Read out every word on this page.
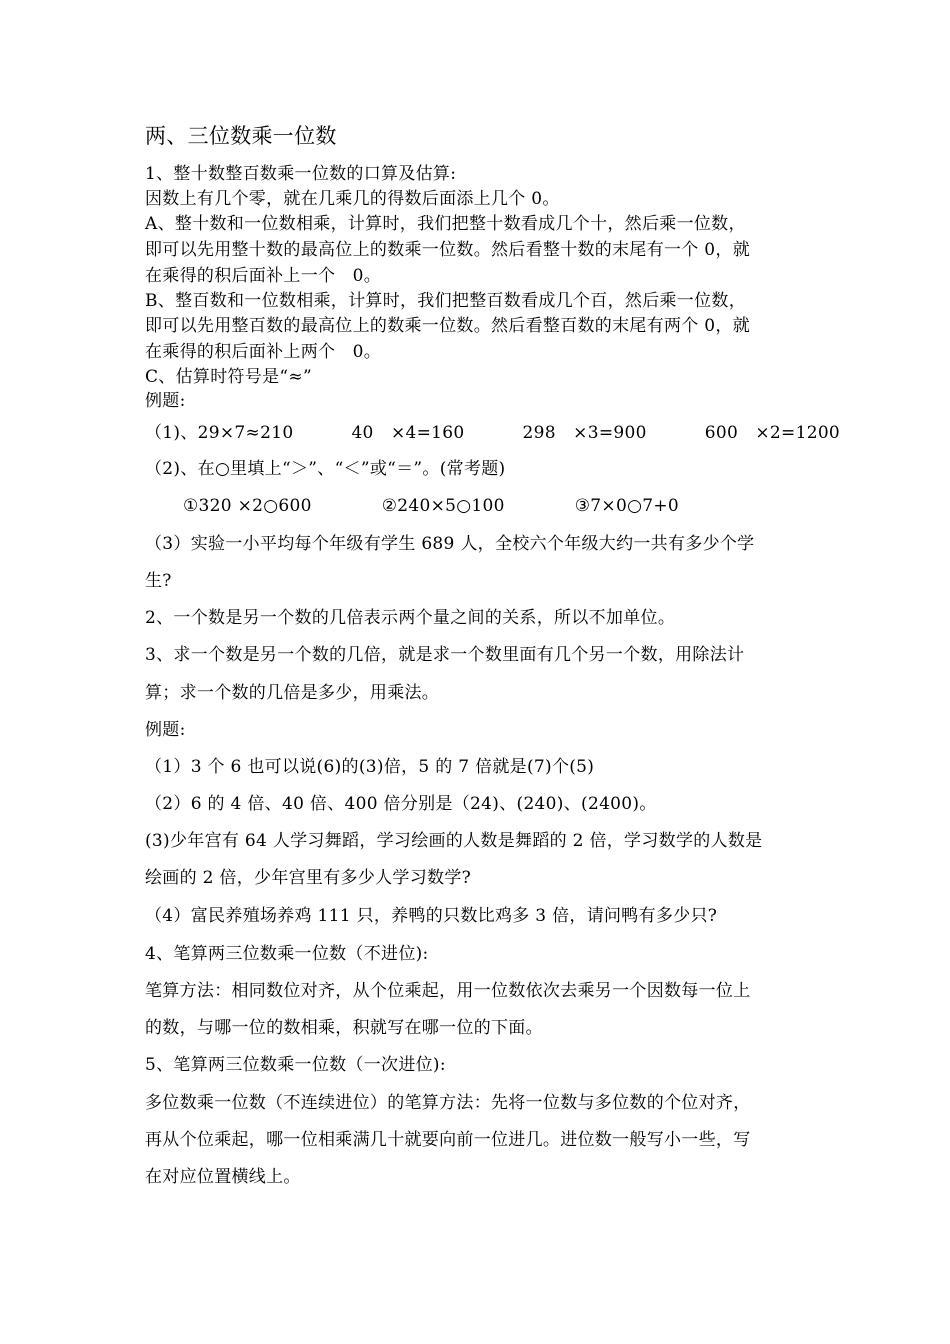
两、三位数乘一位数
1、整十数整百数乘一位数的口算及估算:
因数上有几个零，就在几乘几的得数后面添上几个 0。
A、整十数和一位数相乘，计算时，我们把整十数看成几个十，然后乘一位数，
即可以先用整十数的最高位上的数乘一位数。然后看整十数的末尾有一个 0，就
在乘得的积后面补上一个　0。
B、整百数和一位数相乘，计算时，我们把整百数看成几个百，然后乘一位数，
即可以先用整百数的最高位上的数乘一位数。然后看整百数的末尾有两个 0，就
在乘得的积后面补上两个　0。
C、估算时符号是“≈”
例题:
（1)、29×7≈210	40　×4=160	298　×3=900	600　×2=1200
（2)、在○里填上“＞”、“＜”或“＝”。(常考题)
①320 ×2○600	②240×5○100	③7×0○7+0
（3）实验一小平均每个年级有学生 689 人，全校六个年级大约一共有多少个学
生?
2、一个数是另一个数的几倍表示两个量之间的关系，所以不加单位。
3、求一个数是另一个数的几倍，就是求一个数里面有几个另一个数，用除法计
算；求一个数的几倍是多少，用乘法。
例题:
（1）3 个 6 也可以说(6)的(3)倍，5 的 7 倍就是(7)个(5)
（2）6 的 4 倍、40 倍、400 倍分别是（24)、(240)、(2400)。
(3)少年宫有 64 人学习舞蹈，学习绘画的人数是舞蹈的 2 倍，学习数学的人数是
绘画的 2 倍，少年宫里有多少人学习数学?
（4）富民养殖场养鸡 111 只，养鸭的只数比鸡多 3 倍，请问鸭有多少只?
4、笔算两三位数乘一位数（不进位):
笔算方法：相同数位对齐，从个位乘起，用一位数依次去乘另一个因数每一位上
的数，与哪一位的数相乘，积就写在哪一位的下面。
5、笔算两三位数乘一位数（一次进位):
多位数乘一位数（不连续进位）的笔算方法：先将一位数与多位数的个位对齐，
再从个位乘起，哪一位相乘满几十就要向前一位进几。进位数一般写小一些，写
在对应位置横线上。
